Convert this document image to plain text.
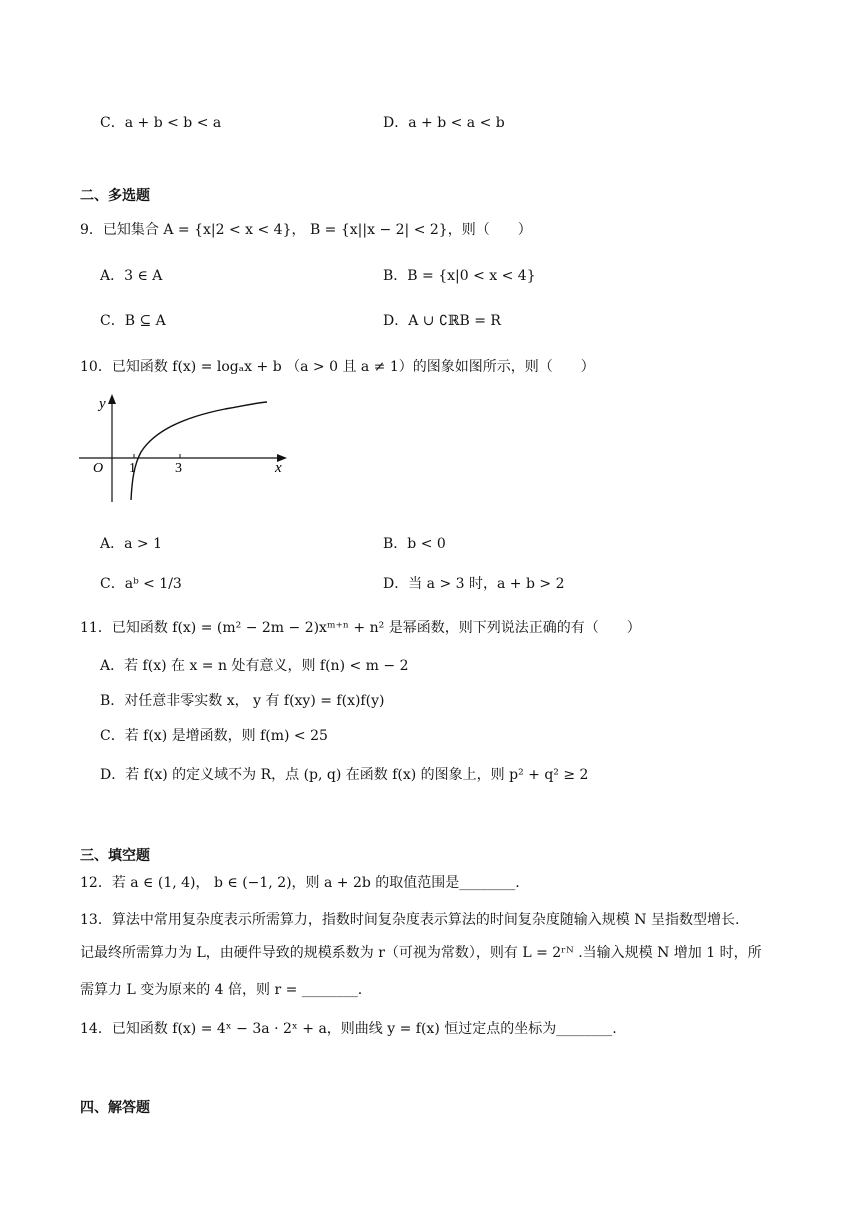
C．a + b < b < a	D．a + b < a < b
二、多选题
9．已知集合 A = {x|2 < x < 4}， B = {x||x − 2| < 2}，则（　　）
A．3 ∈ A	B．B = {x|0 < x < 4}
C．B ⊆ A	D．A ∪ ∁ℝB = R
10．已知函数 f(x) = logₐx + b （a > 0 且 a ≠ 1）的图象如图所示，则（　　）
y
x
O 1	3
A．a > 1	B．b < 0
C．aᵇ < 1/3	D．当 a > 3 时，a + b > 2
11．已知函数 f(x) = (m² − 2m − 2)xᵐ⁺ⁿ + n² 是幂函数，则下列说法正确的有（　　）
A．若 f(x) 在 x = n 处有意义，则 f(n) < m − 2
B．对任意非零实数 x， y 有 f(xy) = f(x)f(y)
C．若 f(x) 是增函数，则 f(m) < 25
D．若 f(x) 的定义域不为 R，点 (p, q) 在函数 f(x) 的图象上，则 p² + q² ≥ 2
三、填空题
12．若 a ∈ (1, 4)， b ∈ (−1, 2)，则 a + 2b 的取值范围是________.
13．算法中常用复杂度表示所需算力，指数时间复杂度表示算法的时间复杂度随输入规模 N 呈指数型增长.
记最终所需算力为 L，由硬件导致的规模系数为 r（可视为常数），则有 L = 2ʳᴺ .当输入规模 N 增加 1 时，所
需算力 L 变为原来的 4 倍，则 r = ________.
14．已知函数 f(x) = 4ˣ − 3a · 2ˣ + a，则曲线 y = f(x) 恒过定点的坐标为________.
四、解答题
